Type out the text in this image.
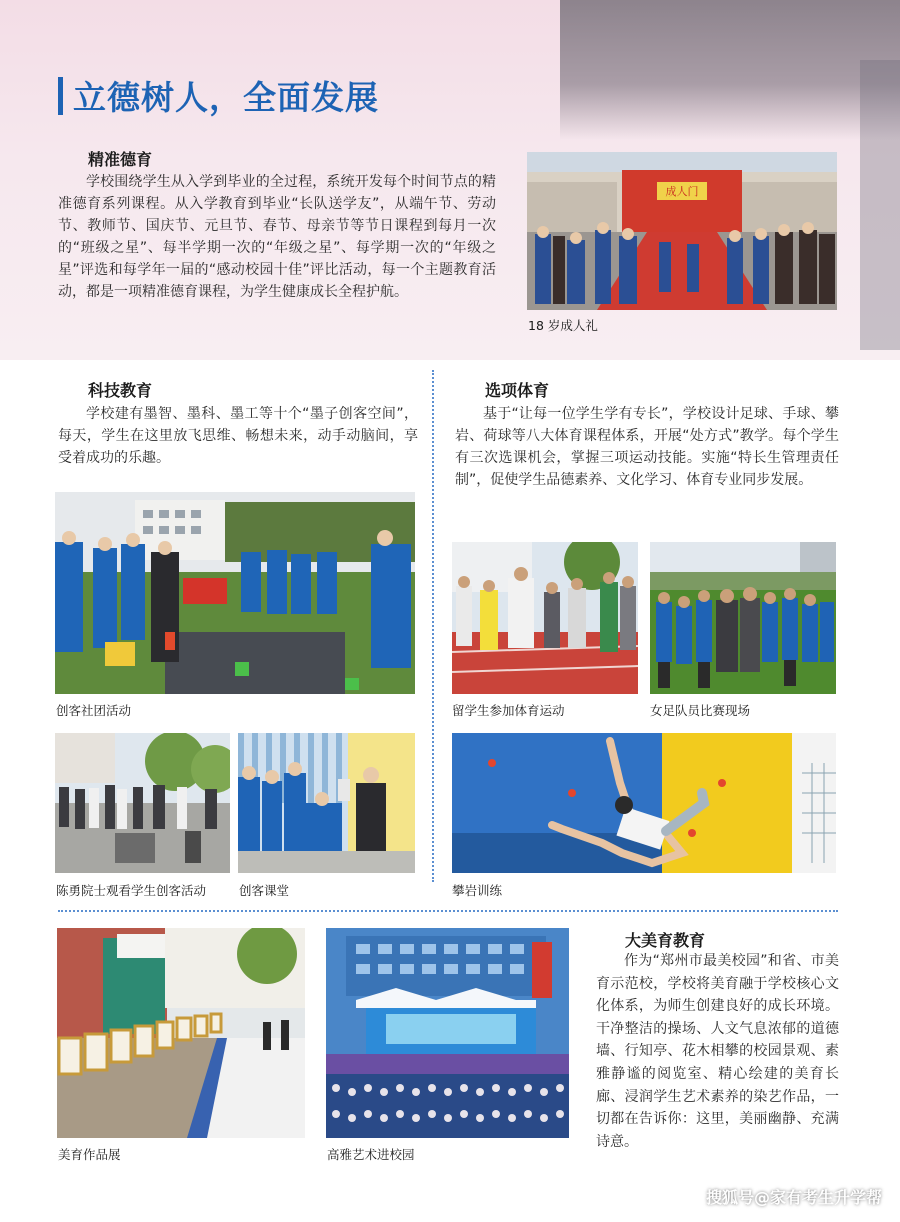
立德树人，全面发展
精准德育
学校围绕学生从入学到毕业的全过程，系统开发每个时间节点的精准德育系列课程。从入学教育到毕业“长队送学友”，从端午节、劳动节、教师节、国庆节、元旦节、春节、母亲节等节日课程到每月一次的“班级之星”、每半学期一次的“年级之星”、每学期一次的“年级之星”评选和每学年一届的“感动校园十佳”评比活动，每一个主题教育活动，都是一项精准德育课程，为学生健康成长全程护航。
成人门
18 岁成人礼
科技教育
学校建有墨智、墨科、墨工等十个“墨子创客空间”，每天，学生在这里放飞思维、畅想未来，动手动脑间，享受着成功的乐趣。
创客社团活动
陈勇院士观看学生创客活动	创客课堂
选项体育
基于“让每一位学生学有专长”，学校设计足球、手球、攀岩、荷球等八大体育课程体系，开展“处方式”教学。每个学生有三次选课机会，掌握三项运动技能。实施“特长生管理责任制”，促使学生品德素养、文化学习、体育专业同步发展。
留学生参加体育运动	女足队员比赛现场
攀岩训练
美育作品展	高雅艺术进校园
大美育教育
作为“郑州市最美校园”和省、市美育示范校，学校将美育融于学校核心文化体系，为师生创建良好的成长环境。干净整洁的操场、人文气息浓郁的道德墙、行知亭、花木相攀的校园景观、素雅静谧的阅览室、精心绘建的美育长廊、浸润学生艺术素养的染艺作品，一切都在告诉你：这里，美丽幽静、充满诗意。
搜狐号@家有考生升学帮
